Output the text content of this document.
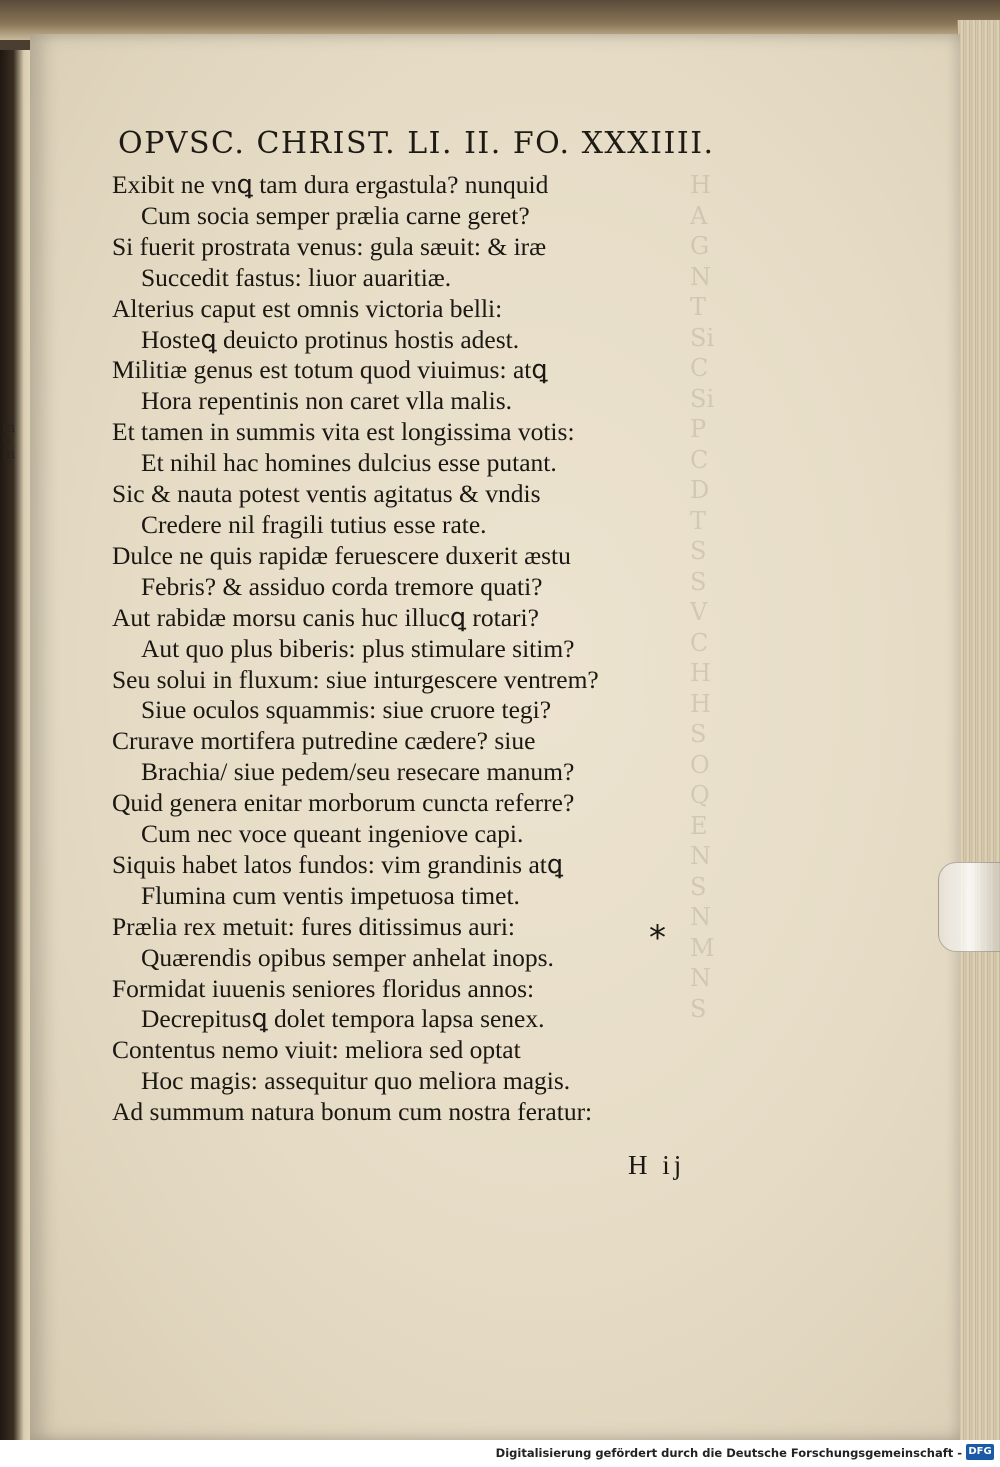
H
A
G
N
T
Si
C
Si
P
C
D
T
S
S
V
C
H
H
S
O
Q
E
N
S
N
M
N
S
m
u
m
OPVSC. CHRIST. LI. II. FO. XXXIIII.
Exibit ne vnꝗ tam dura ergastula? nunquid
Cum socia semper prælia carne geret?
Si fuerit prostrata venus: gula sæuit: & iræ
Succedit fastus: liuor auaritiæ.
Alterius caput est omnis victoria belli:
Hosteꝗ deuicto protinus hostis adest.
Militiæ genus est totum quod viuimus: atꝗ
Hora repentinis non caret vlla malis.
Et tamen in summis vita est longissima votis:
Et nihil hac homines dulcius esse putant.
Sic & nauta potest ventis agitatus & vndis
Credere nil fragili tutius esse rate.
Dulce ne quis rapidæ feruescere duxerit æstu
Febris? & assiduo corda tremore quati?
Aut rabidæ morsu canis huc illucꝗ rotari?
Aut quo plus biberis: plus stimulare sitim?
Seu solui in fluxum: siue inturgescere ventrem?
Siue oculos squammis: siue cruore tegi?
Crurave mortifera putredine cædere? siue
Brachia/ siue pedem/seu resecare manum?
Quid genera enitar morborum cuncta referre?
Cum nec voce queant ingeniove capi.
Siquis habet latos fundos: vim grandinis atꝗ
Flumina cum ventis impetuosa timet.
Prælia rex metuit: fures ditissimus auri:
Quærendis opibus semper anhelat inops.
Formidat iuuenis seniores floridus annos:
Decrepitusꝗ dolet tempora lapsa senex.
Contentus nemo viuit: meliora sed optat
Hoc magis: assequitur quo meliora magis.
Ad summum natura bonum cum nostra feratur:
*
H ij
Digitalisierung gefördert durch die Deutsche Forschungsgemeinschaft - DFG
